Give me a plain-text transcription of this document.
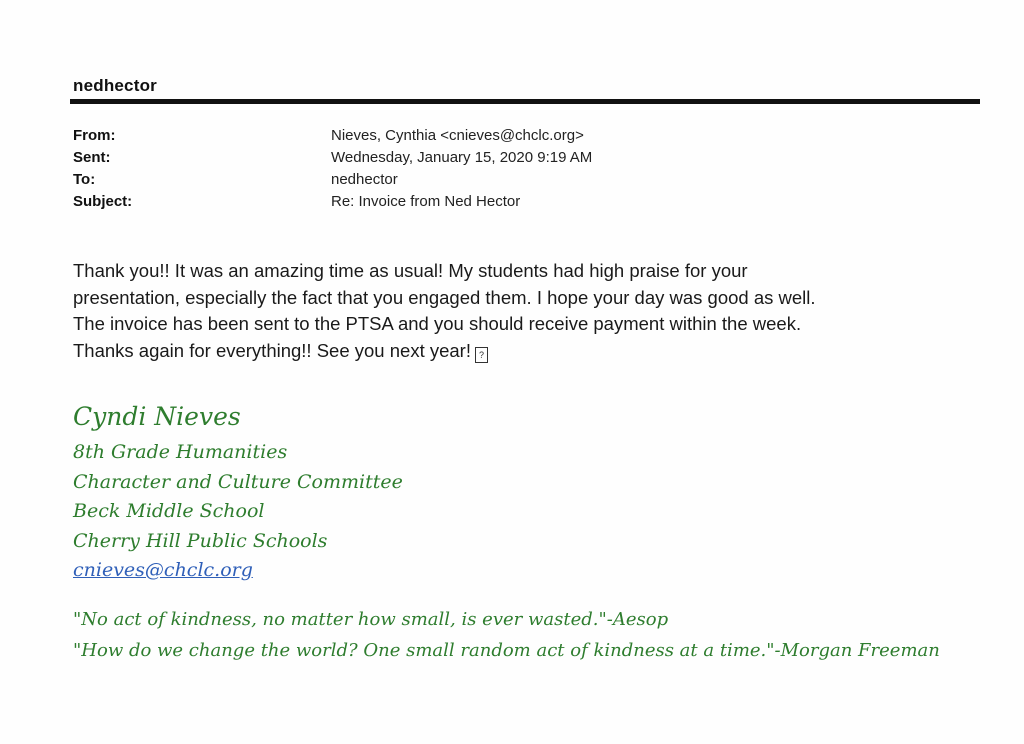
nedhector
From:	Nieves, Cynthia <cnieves@chclc.org>
Sent:	Wednesday, January 15, 2020 9:19 AM
To:	nedhector
Subject:	Re: Invoice from Ned Hector

Thank you!! It was an amazing time as usual! My students had high praise for your

presentation, especially the fact that you engaged them. I hope your day was good as well.

The invoice has been sent to the PTSA and you should receive payment within the week.

Thanks again for everything!! See you next year! ?

Cyndi Nieves
8th Grade Humanities
Character and Culture Committee
Beck Middle School
Cherry Hill Public Schools
cnieves@chclc.org
"No act of kindness, no matter how small, is ever wasted."-Aesop
"How do we change the world? One small random act of kindness at a time."-Morgan Freeman
